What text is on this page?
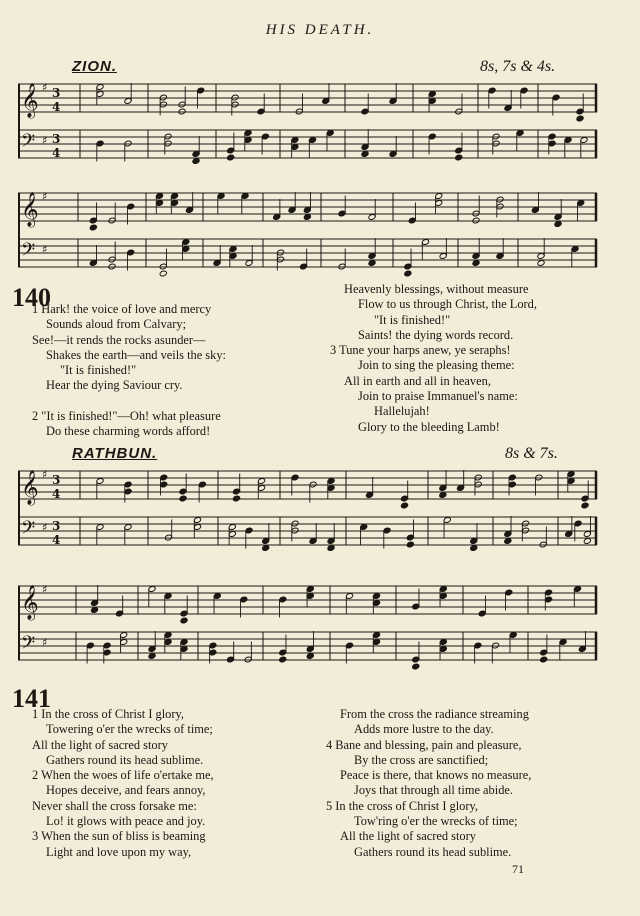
HIS DEATH.
ZION.	8s, 7s & 4s.
𝄞 ♯ 3
4
𝄢 ♯ 3
4
𝄞 ♯
𝄢 ♯
140
1 Hark! the voice of love and mercy
Sounds aloud from Calvary;
See!—it rends the rocks asunder—
Shakes the earth—and veils the sky:
"It is finished!"
Hear the dying Saviour cry.

2 "It is finished!"—Oh! what pleasure
Do these charming words afford!
Heavenly blessings, without measure
Flow to us through Christ, the Lord,
"It is finished!"
Saints! the dying words record.
3 Tune your harps anew, ye seraphs!
Join to sing the pleasing theme:
All in earth and all in heaven,
Join to praise Immanuel's name:
Hallelujah!
Glory to the bleeding Lamb!
RATHBUN.	8s & 7s.
𝄞 ♯ 3
4
𝄢 ♯ 3
4
𝄞 ♯
𝄢 ♯
141
1 In the cross of Christ I glory,
Towering o'er the wrecks of time;
All the light of sacred story
Gathers round its head sublime.
2 When the woes of life o'ertake me,
Hopes deceive, and fears annoy,
Never shall the cross forsake me:
Lo! it glows with peace and joy.
3 When the sun of bliss is beaming
Light and love upon my way,
From the cross the radiance streaming
Adds more lustre to the day.
4 Bane and blessing, pain and pleasure,
By the cross are sanctified;
Peace is there, that knows no measure,
Joys that through all time abide.
5 In the cross of Christ I glory,
Tow'ring o'er the wrecks of time;
All the light of sacred story
Gathers round its head sublime.
71
